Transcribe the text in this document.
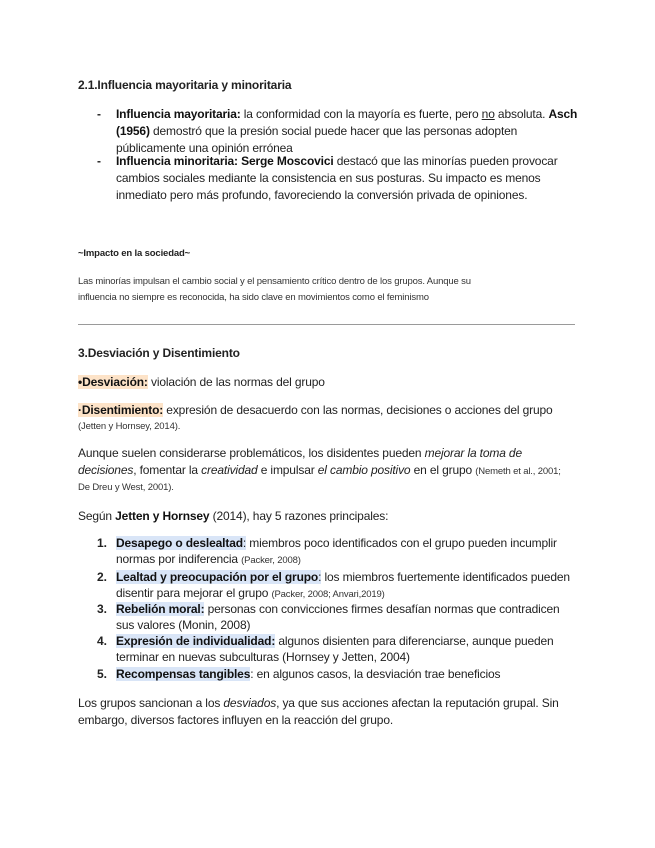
2.1.Influencia mayoritaria y minoritaria
- Influencia mayoritaria: la conformidad con la mayoría es fuerte, pero no absoluta. Asch
(1956) demostró que la presión social puede hacer que las personas adopten
públicamente una opinión errónea
- Influencia minoritaria: Serge Moscovici destacó que las minorías pueden provocar
cambios sociales mediante la consistencia en sus posturas. Su impacto es menos
inmediato pero más profundo, favoreciendo la conversión privada de opiniones.
~Impacto en la sociedad~
Las minorías impulsan el cambio social y el pensamiento crítico dentro de los grupos. Aunque su
influencia no siempre es reconocida, ha sido clave en movimientos como el feminismo
3.Desviación y Disentimiento
•Desviación: violación de las normas del grupo
·Disentimiento: expresión de desacuerdo con las normas, decisiones o acciones del grupo
(Jetten y Hornsey, 2014).
Aunque suelen considerarse problemáticos, los disidentes pueden mejorar la toma de
decisiones, fomentar la creatividad e impulsar el cambio positivo en el grupo (Nemeth et al., 2001;
De Dreu y West, 2001).
Según Jetten y Hornsey (2014), hay 5 razones principales:
1. Desapego o deslealtad: miembros poco identificados con el grupo pueden incumplir
normas por indiferencia (Packer, 2008)
2. Lealtad y preocupación por el grupo: los miembros fuertemente identificados pueden
disentir para mejorar el grupo (Packer, 2008; Anvari,2019)
3. Rebelión moral: personas con convicciones firmes desafían normas que contradicen
sus valores (Monin, 2008)
4. Expresión de individualidad: algunos disienten para diferenciarse, aunque pueden
terminar en nuevas subculturas (Hornsey y Jetten, 2004)
5. Recompensas tangibles: en algunos casos, la desviación trae beneficios
Los grupos sancionan a los desviados, ya que sus acciones afectan la reputación grupal. Sin
embargo, diversos factores influyen en la reacción del grupo.
